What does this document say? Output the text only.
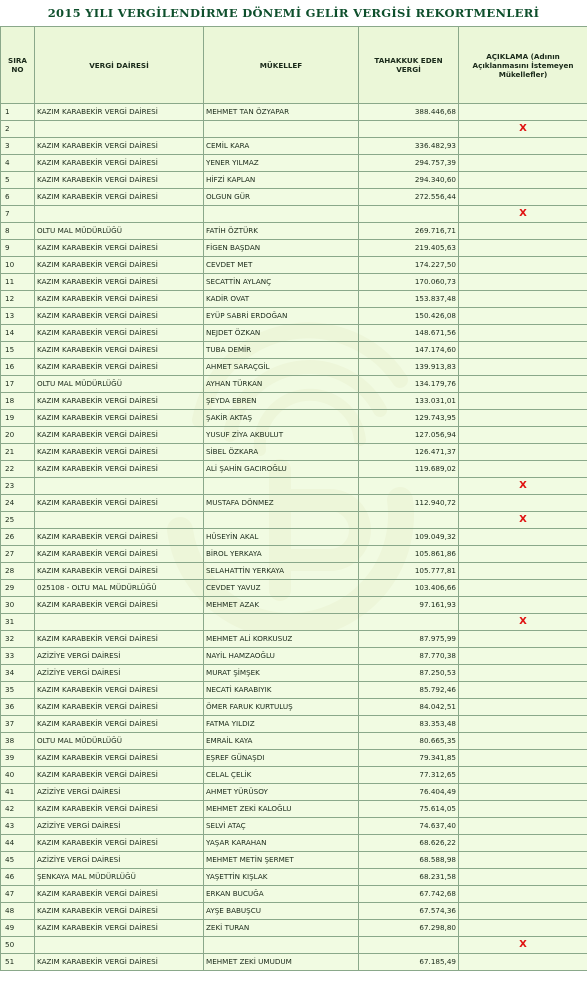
2015 YILI VERGİLENDİRME DÖNEMİ GELİR VERGİSİ REKORTMENLERİ
SIRA NO	VERGİ DAİRESİ	MÜKELLEF	TAHAKKUK EDEN VERGİ	AÇIKLAMA (Adının Açıklanmasını İstemeyen Mükellefler)
1	KAZIM KARABEKİR VERGİ DAİRESİ	MEHMET TAN ÖZYAPAR	388.446,68	
2				X
3	KAZIM KARABEKİR VERGİ DAİRESİ	CEMİL KARA	336.482,93	
4	KAZIM KARABEKİR VERGİ DAİRESİ	YENER YILMAZ	294.757,39	
5	KAZIM KARABEKİR VERGİ DAİRESİ	HİFZİ KAPLAN	294.340,60	
6	KAZIM KARABEKİR VERGİ DAİRESİ	OLGUN GÜR	272.556,44	
7				X
8	OLTU MAL MÜDÜRLÜĞÜ	FATİH ÖZTÜRK	269.716,71	
9	KAZIM KARABEKİR VERGİ DAİRESİ	FİGEN BAŞDAN	219.405,63	
10	KAZIM KARABEKİR VERGİ DAİRESİ	CEVDET MET	174.227,50	
11	KAZIM KARABEKİR VERGİ DAİRESİ	SECATTİN AYLANÇ	170.060,73	
12	KAZIM KARABEKİR VERGİ DAİRESİ	KADİR OVAT	153.837,48	
13	KAZIM KARABEKİR VERGİ DAİRESİ	EYÜP SABRİ ERDOĞAN	150.426,08	
14	KAZIM KARABEKİR VERGİ DAİRESİ	NEJDET ÖZKAN	148.671,56	
15	KAZIM KARABEKİR VERGİ DAİRESİ	TUBA DEMİR	147.174,60	
16	KAZIM KARABEKİR VERGİ DAİRESİ	AHMET SARAÇGİL	139.913,83	
17	OLTU MAL MÜDÜRLÜĞÜ	AYHAN TÜRKAN	134.179,76	
18	KAZIM KARABEKİR VERGİ DAİRESİ	ŞEYDA EBREN	133.031,01	
19	KAZIM KARABEKİR VERGİ DAİRESİ	ŞAKİR AKTAŞ	129.743,95	
20	KAZIM KARABEKİR VERGİ DAİRESİ	YUSUF ZİYA AKBULUT	127.056,94	
21	KAZIM KARABEKİR VERGİ DAİRESİ	SİBEL ÖZKARA	126.471,37	
22	KAZIM KARABEKİR VERGİ DAİRESİ	ALİ ŞAHİN GACIROĞLU	119.689,02	
23				X
24	KAZIM KARABEKİR VERGİ DAİRESİ	MUSTAFA DÖNMEZ	112.940,72	
25				X
26	KAZIM KARABEKİR VERGİ DAİRESİ	HÜSEYİN AKAL	109.049,32	
27	KAZIM KARABEKİR VERGİ DAİRESİ	BİROL YERKAYA	105.861,86	
28	KAZIM KARABEKİR VERGİ DAİRESİ	SELAHATTİN YERKAYA	105.777,81	
29	025108 - OLTU MAL MÜDÜRLÜĞÜ	CEVDET YAVUZ	103.406,66	
30	KAZIM KARABEKİR VERGİ DAİRESİ	MEHMET AZAK	97.161,93	
31				X
32	KAZIM KARABEKİR VERGİ DAİRESİ	MEHMET ALİ KORKUSUZ	87.975,99	
33	AZİZİYE VERGİ DAİRESİ	NAYİL HAMZAOĞLU	87.770,38	
34	AZİZİYE VERGİ DAİRESİ	MURAT ŞİMŞEK	87.250,53	
35	KAZIM KARABEKİR VERGİ DAİRESİ	NECATİ KARABIYIK	85.792,46	
36	KAZIM KARABEKİR VERGİ DAİRESİ	ÖMER FARUK KURTULUŞ	84.042,51	
37	KAZIM KARABEKİR VERGİ DAİRESİ	FATMA YILDIZ	83.353,48	
38	OLTU MAL MÜDÜRLÜĞÜ	EMRAİL KAYA	80.665,35	
39	KAZIM KARABEKİR VERGİ DAİRESİ	EŞREF GÜNAŞDI	79.341,85	
40	KAZIM KARABEKİR VERGİ DAİRESİ	CELAL ÇELİK	77.312,65	
41	AZİZİYE VERGİ DAİRESİ	AHMET YÜRÜSOY	76.404,49	
42	KAZIM KARABEKİR VERGİ DAİRESİ	MEHMET ZEKİ KALOĞLU	75.614,05	
43	AZİZİYE VERGİ DAİRESİ	SELVİ ATAÇ	74.637,40	
44	KAZIM KARABEKİR VERGİ DAİRESİ	YAŞAR KARAHAN	68.626,22	
45	AZİZİYE VERGİ DAİRESİ	MEHMET METİN ŞERMET	68.588,98	
46	ŞENKAYA MAL MÜDÜRLÜĞÜ	YAŞETTİN KIŞLAK	68.231,58	
47	KAZIM KARABEKİR VERGİ DAİRESİ	ERKAN BUCUĞA	67.742,68	
48	KAZIM KARABEKİR VERGİ DAİRESİ	AYŞE BABUŞCU	67.574,36	
49	KAZIM KARABEKİR VERGİ DAİRESİ	ZEKİ TURAN	67.298,80	
50				X
51	KAZIM KARABEKİR VERGİ DAİRESİ	MEHMET ZEKİ UMUDUM	67.185,49	
